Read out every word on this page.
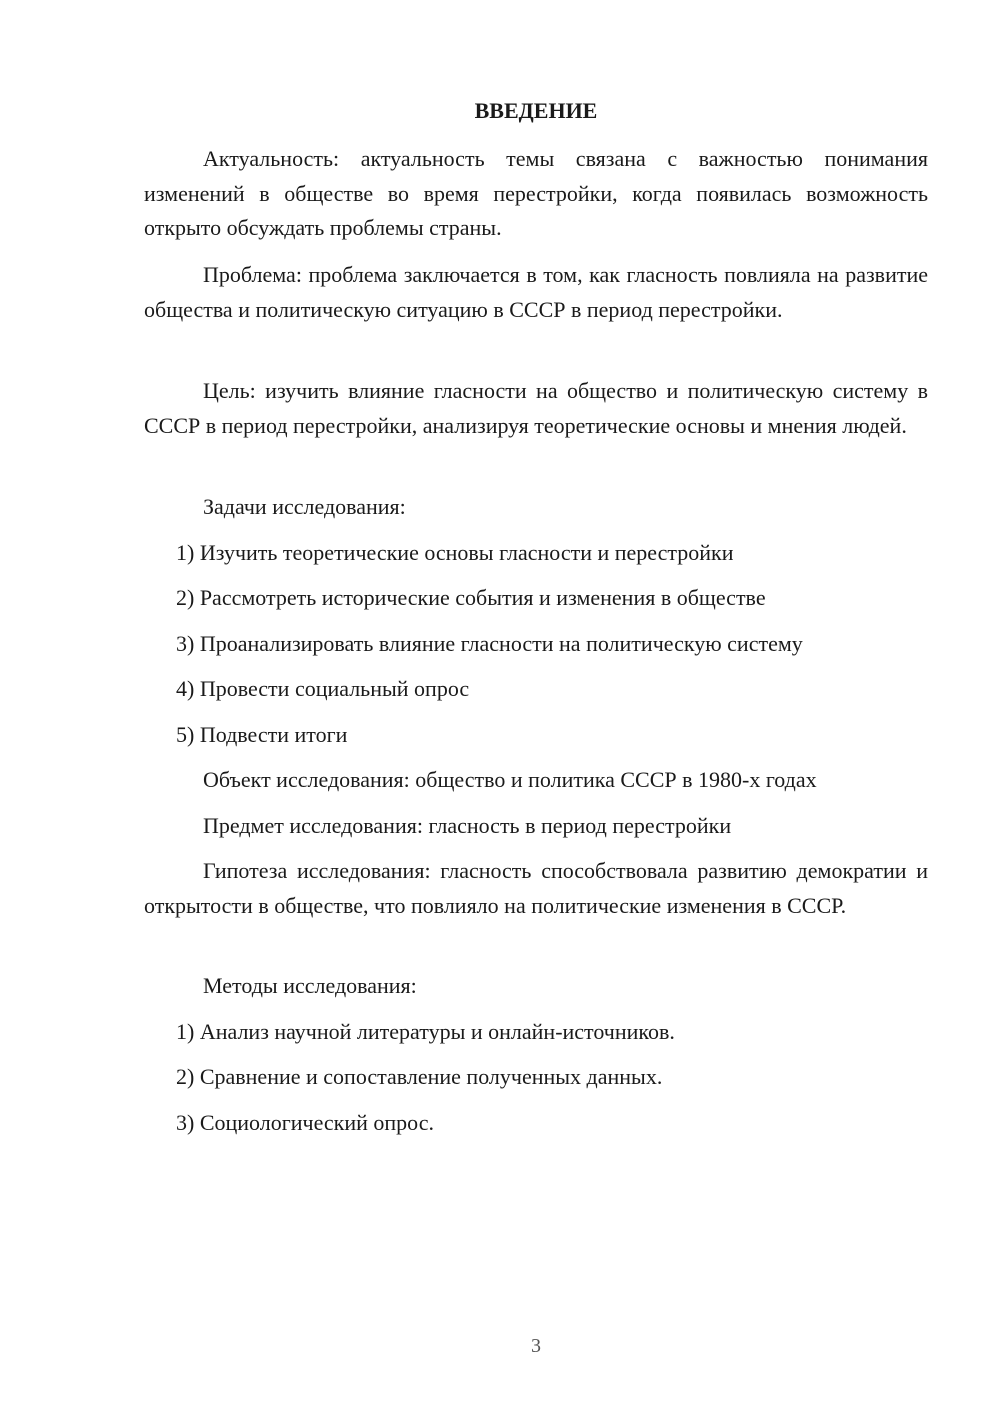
ВВЕДЕНИЕ

Актуальность: актуальность темы связана с важностью понимания изменений в обществе во время перестройки, когда появилась возможность открыто обсуждать проблемы страны.

Проблема: проблема заключается в том, как гласность повлияла на развитие общества и политическую ситуацию в СССР в период перестройки.

Цель: изучить влияние гласности на общество и политическую систему в СССР в период перестройки, анализируя теоретические основы и мнения людей.

Задачи исследования:

1) Изучить теоретические основы гласности и перестройки

2) Рассмотреть исторические события и изменения в обществе

3) Проанализировать влияние гласности на политическую систему

4) Провести социальный опрос

5) Подвести итоги

Объект исследования: общество и политика СССР в 1980-х годах

Предмет исследования: гласность в период перестройки

Гипотеза исследования: гласность способствовала развитию демократии и открытости в обществе, что повлияло на политические изменения в СССР.

Методы исследования:

1) Анализ научной литературы и онлайн-источников.

2) Сравнение и сопоставление полученных данных.

3) Социологический опрос.

3
